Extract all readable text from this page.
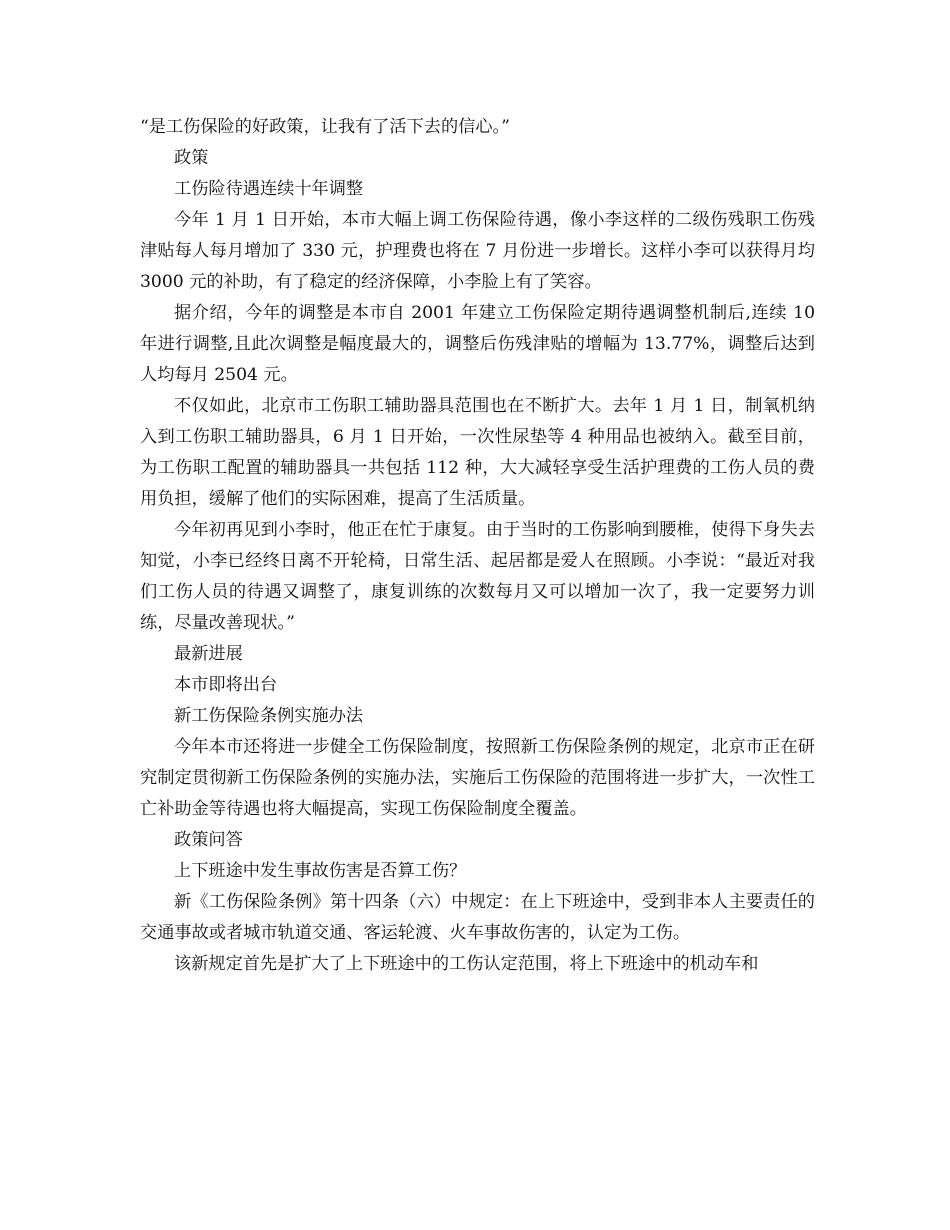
“是工伤保险的好政策，让我有了活下去的信心。”

政策

工伤险待遇连续十年调整

今年 1 月 1 日开始，本市大幅上调工伤保险待遇，像小李这样的二级伤残职工伤残津贴每人每月增加了 330 元，护理费也将在 7 月份进一步增长。这样小李可以获得月均 3000 元的补助，有了稳定的经济保障，小李脸上有了笑容。

据介绍，今年的调整是本市自 2001 年建立工伤保险定期待遇调整机制后,连续 10 年进行调整,且此次调整是幅度最大的，调整后伤残津贴的增幅为 13.77%，调整后达到人均每月 2504 元。

不仅如此，北京市工伤职工辅助器具范围也在不断扩大。去年 1 月 1 日，制氧机纳入到工伤职工辅助器具，6 月 1 日开始，一次性尿垫等 4 种用品也被纳入。截至目前，为工伤职工配置的辅助器具一共包括 112 种，大大减轻享受生活护理费的工伤人员的费用负担，缓解了他们的实际困难，提高了生活质量。

今年初再见到小李时，他正在忙于康复。由于当时的工伤影响到腰椎，使得下身失去知觉，小李已经终日离不开轮椅，日常生活、起居都是爱人在照顾。小李说：“最近对我们工伤人员的待遇又调整了，康复训练的次数每月又可以增加一次了，我一定要努力训练，尽量改善现状。”

最新进展

本市即将出台

新工伤保险条例实施办法

今年本市还将进一步健全工伤保险制度，按照新工伤保险条例的规定，北京市正在研究制定贯彻新工伤保险条例的实施办法，实施后工伤保险的范围将进一步扩大，一次性工亡补助金等待遇也将大幅提高，实现工伤保险制度全覆盖。

政策问答

上下班途中发生事故伤害是否算工伤？

新《工伤保险条例》第十四条（六）中规定：在上下班途中，受到非本人主要责任的交通事故或者城市轨道交通、客运轮渡、火车事故伤害的，认定为工伤。

该新规定首先是扩大了上下班途中的工伤认定范围，将上下班途中的机动车和
